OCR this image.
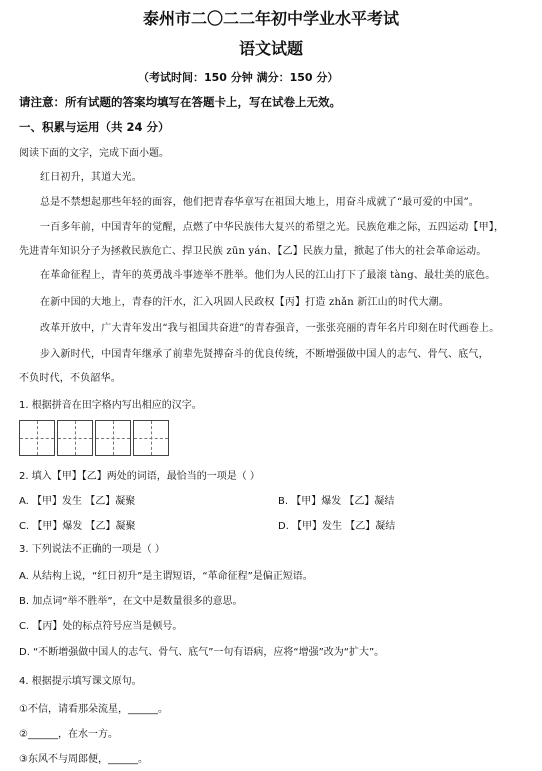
泰州市二〇二二年初中学业水平考试
语文试题
（考试时间：150 分钟 满分：150 分）
请注意：所有试题的答案均填写在答题卡上，写在试卷上无效。
一、积累与运用（共 24 分）
阅读下面的文字，完成下面小题。
红日初升，其道大光。
总是不禁想起那些年轻的面容，他们把青春华章写在祖国大地上，用奋斗成就了“最可爱的中国”。
一百多年前，中国青年的觉醒，点燃了中华民族伟大复兴的希望之光。民族危难之际，五四运动【甲】，
先进青年知识分子为拯救民族危亡、捍卫民族 zūn yán、【乙】民族力量，掀起了伟大的社会革命运动。
在革命征程上，青年的英勇战斗事迹举不胜举。他们为人民的江山打下了最滚 tàng、最壮美的底色。
在新中国的大地上，青春的汗水，汇入巩固人民政权【丙】打造 zhǎn 新江山的时代大潮。
改革开放中，广大青年发出“我与祖国共奋进”的青春强音，一张张亮丽的青年名片印刻在时代画卷上。
步入新时代，中国青年继承了前辈先贤搏奋斗的优良传统，不断增强做中国人的志气、骨气、底气，
不负时代，不负韶华。
1. 根据拼音在田字格内写出相应的汉字。
2. 填入【甲】【乙】两处的词语，最恰当的一项是（ ）
A. 【甲】发生 【乙】凝聚	B. 【甲】爆发 【乙】凝结
C. 【甲】爆发 【乙】凝聚	D. 【甲】发生 【乙】凝结
3. 下列说法不正确的一项是（ ）
A. 从结构上说，“红日初升”是主谓短语，“革命征程”是偏正短语。
B. 加点词“举不胜举”，在文中是数量很多的意思。
C. 【丙】处的标点符号应当是顿号。
D. “不断增强做中国人的志气、骨气、底气”一句有语病，应将“增强”改为“扩大”。
4. 根据提示填写课文原句。
①不信，请看那朵流星，______。
②______，在水一方。
③东风不与周郎便，______。
